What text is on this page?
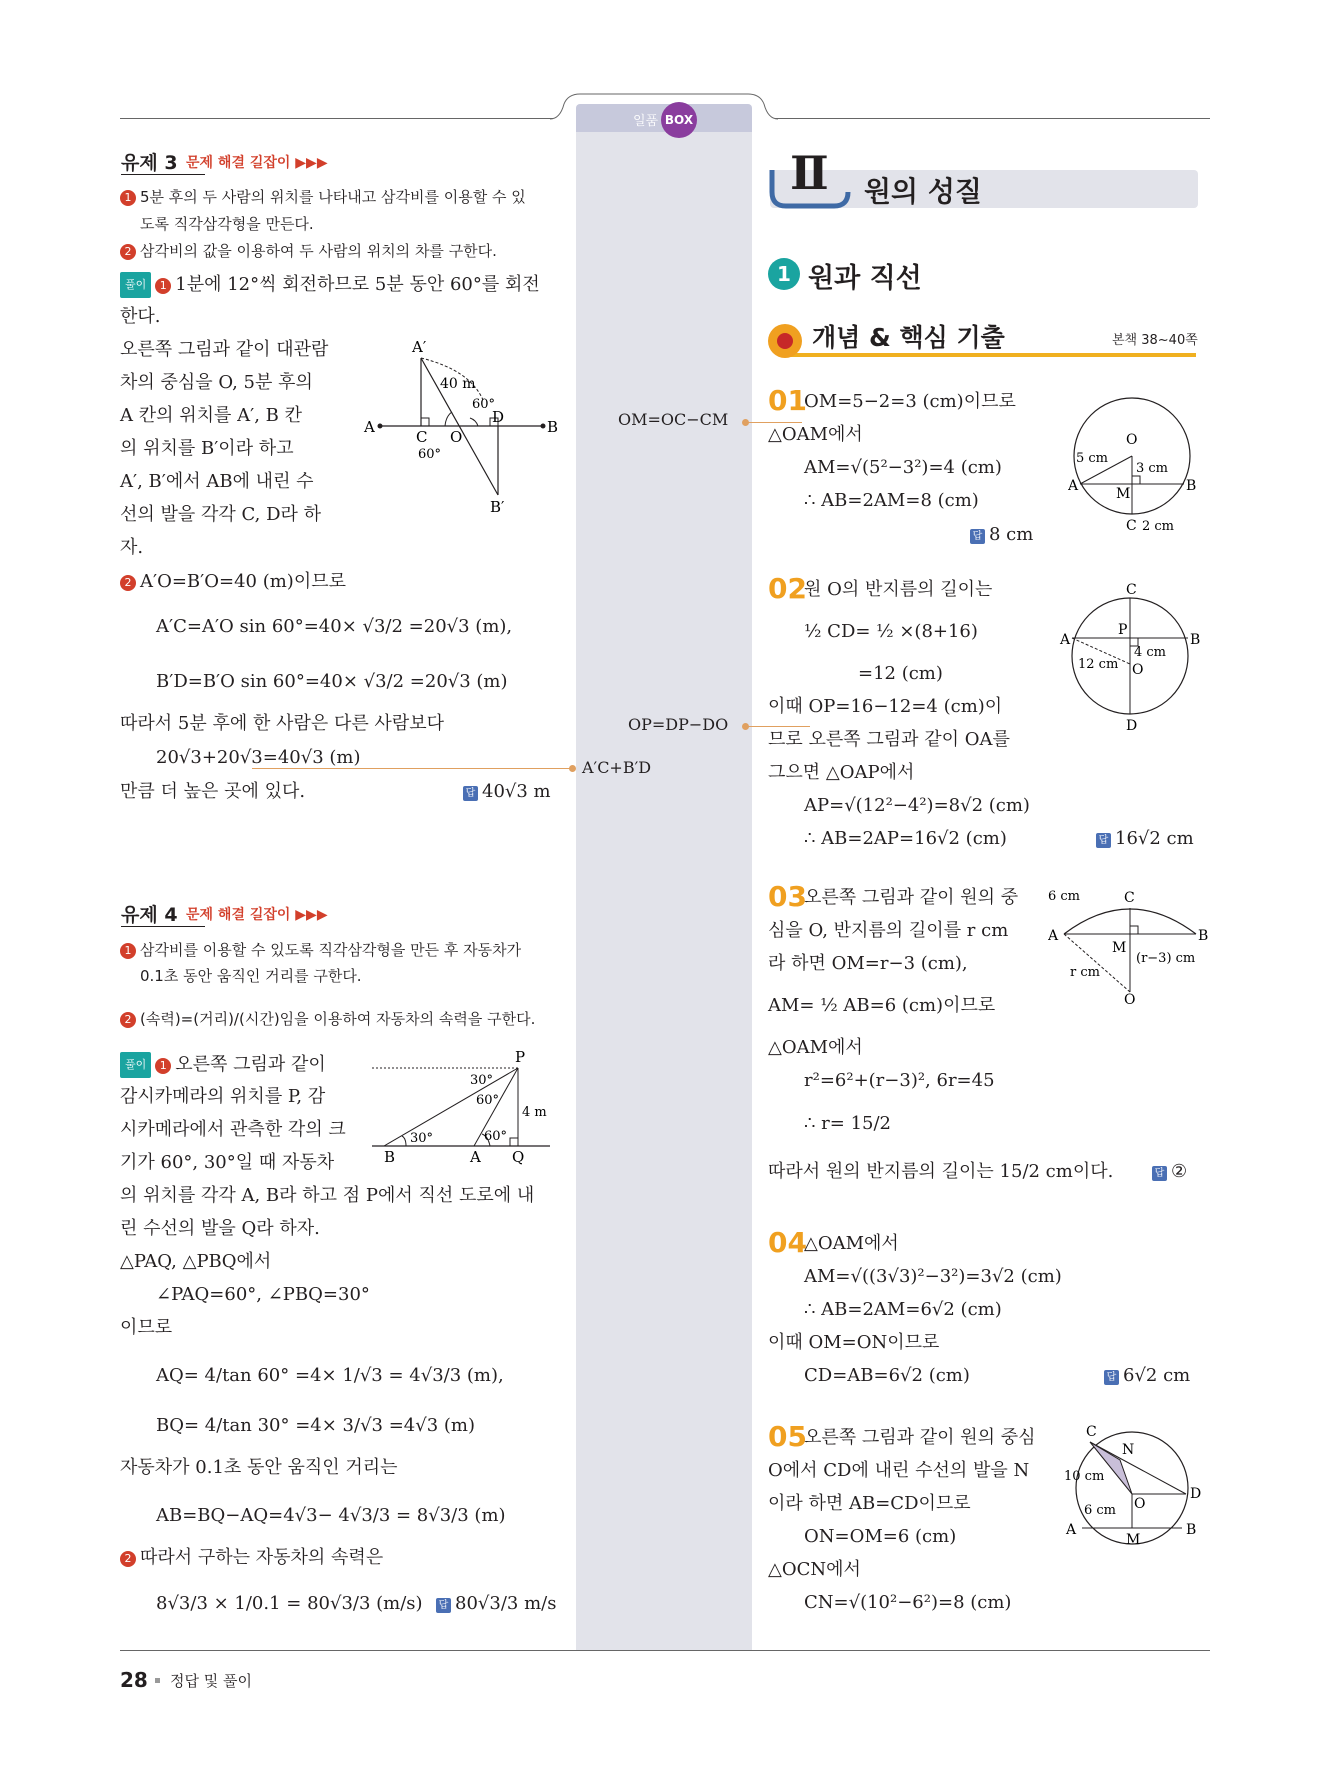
일품 BOX
유제 3 문제 해결 길잡이 ▶▶▶
1 5분 후의 두 사람의 위치를 나타내고 삼각비를 이용할 수 있
도록 직각삼각형을 만든다.
2 삼각비의 값을 이용하여 두 사람의 위치의 차를 구한다.
풀이 1 1분에 12°씩 회전하므로 5분 동안 60°를 회전
한다.
오른쪽 그림과 같이 대관람
차의 중심을 O, 5분 후의
A 칸의 위치를 A′, B 칸
의 위치를 B′이라 하고
A′, B′에서 AB에 내린 수
선의 발을 각각 C, D라 하
자.
2 A′O=B′O=40 (m)이므로
A′C=A′O sin 60°=40× √3/2 =20√3 (m),
B′D=B′O sin 60°=40× √3/2 =20√3 (m)
따라서 5분 후에 한 사람은 다른 사람보다
20√3+20√3=40√3 (m)
만큼 더 높은 곳에 있다.	답 40√3 m
A′
40 m
60°
A
C O
D
B
60°
B′
유제 4 문제 해결 길잡이 ▶▶▶
1 삼각비를 이용할 수 있도록 직각삼각형을 만든 후 자동차가
0.1초 동안 움직인 거리를 구한다.
2 (속력)=(거리)/(시간)임을 이용하여 자동차의 속력을 구한다.
풀이 1 오른쪽 그림과 같이
감시카메라의 위치를 P, 감
시카메라에서 관측한 각의 크
기가 60°, 30°일 때 자동차
의 위치를 각각 A, B라 하고 점 P에서 직선 도로에 내
린 수선의 발을 Q라 하자.
△PAQ, △PBQ에서
∠PAQ=60°, ∠PBQ=30°
이므로
AQ= 4/tan 60° =4× 1/√3 = 4√3/3 (m),
BQ= 4/tan 30° =4× 3/√3 =4√3 (m)
자동차가 0.1초 동안 움직인 거리는
AB=BQ−AQ=4√3− 4√3/3 = 8√3/3 (m)
2 따라서 구하는 자동차의 속력은
8√3/3 × 1/0.1 = 80√3/3 (m/s) 답 80√3/3 m/s
P
30°
60°
4 m
30°	60°
B	A Q
OM=OC−CM
OP=DP−DO
A′C+B′D
Ⅱ 원의 성질
1 원과 직선
개념 & 핵심 기출	본책 38~40쪽
01
OM=5−2=3 (cm)이므로
△OAM에서
AM=√(5²−3²)=4 (cm)
∴ AB=2AM=8 (cm)
답 8 cm
O
5 cm
3 cm
A	M	B
C 2 cm
02
원 O의 반지름의 길이는
½ CD= ½ ×(8+16)
=12 (cm)
이때 OP=16−12=4 (cm)이
므로 오른쪽 그림과 같이 OA를
그으면 △OAP에서
AP=√(12²−4²)=8√2 (cm)
∴ AB=2AP=16√2 (cm)	답 16√2 cm
C
A
P
B
12 cm
4 cm
O
D
03
오른쪽 그림과 같이 원의 중
심을 O, 반지름의 길이를 r cm
라 하면 OM=r−3 (cm),
AM= ½ AB=6 (cm)이므로
△OAM에서
r²=6²+(r−3)², 6r=45
∴ r= 15/2
따라서 원의 반지름의 길이는 15/2 cm이다.	답 ②
6 cm	C
A
M
B
(r−3) cm
r cm
O
04
△OAM에서
AM=√((3√3)²−3²)=3√2 (cm)
∴ AB=2AM=6√2 (cm)
이때 OM=ON이므로
CD=AB=6√2 (cm)	답 6√2 cm
05
오른쪽 그림과 같이 원의 중심
O에서 CD에 내린 수선의 발을 N
이라 하면 AB=CD이므로
ON=OM=6 (cm)
△OCN에서
CN=√(10²−6²)=8 (cm)
C
N
10 cm
D
6 cm O
A
M
B
28 정답 및 풀이
